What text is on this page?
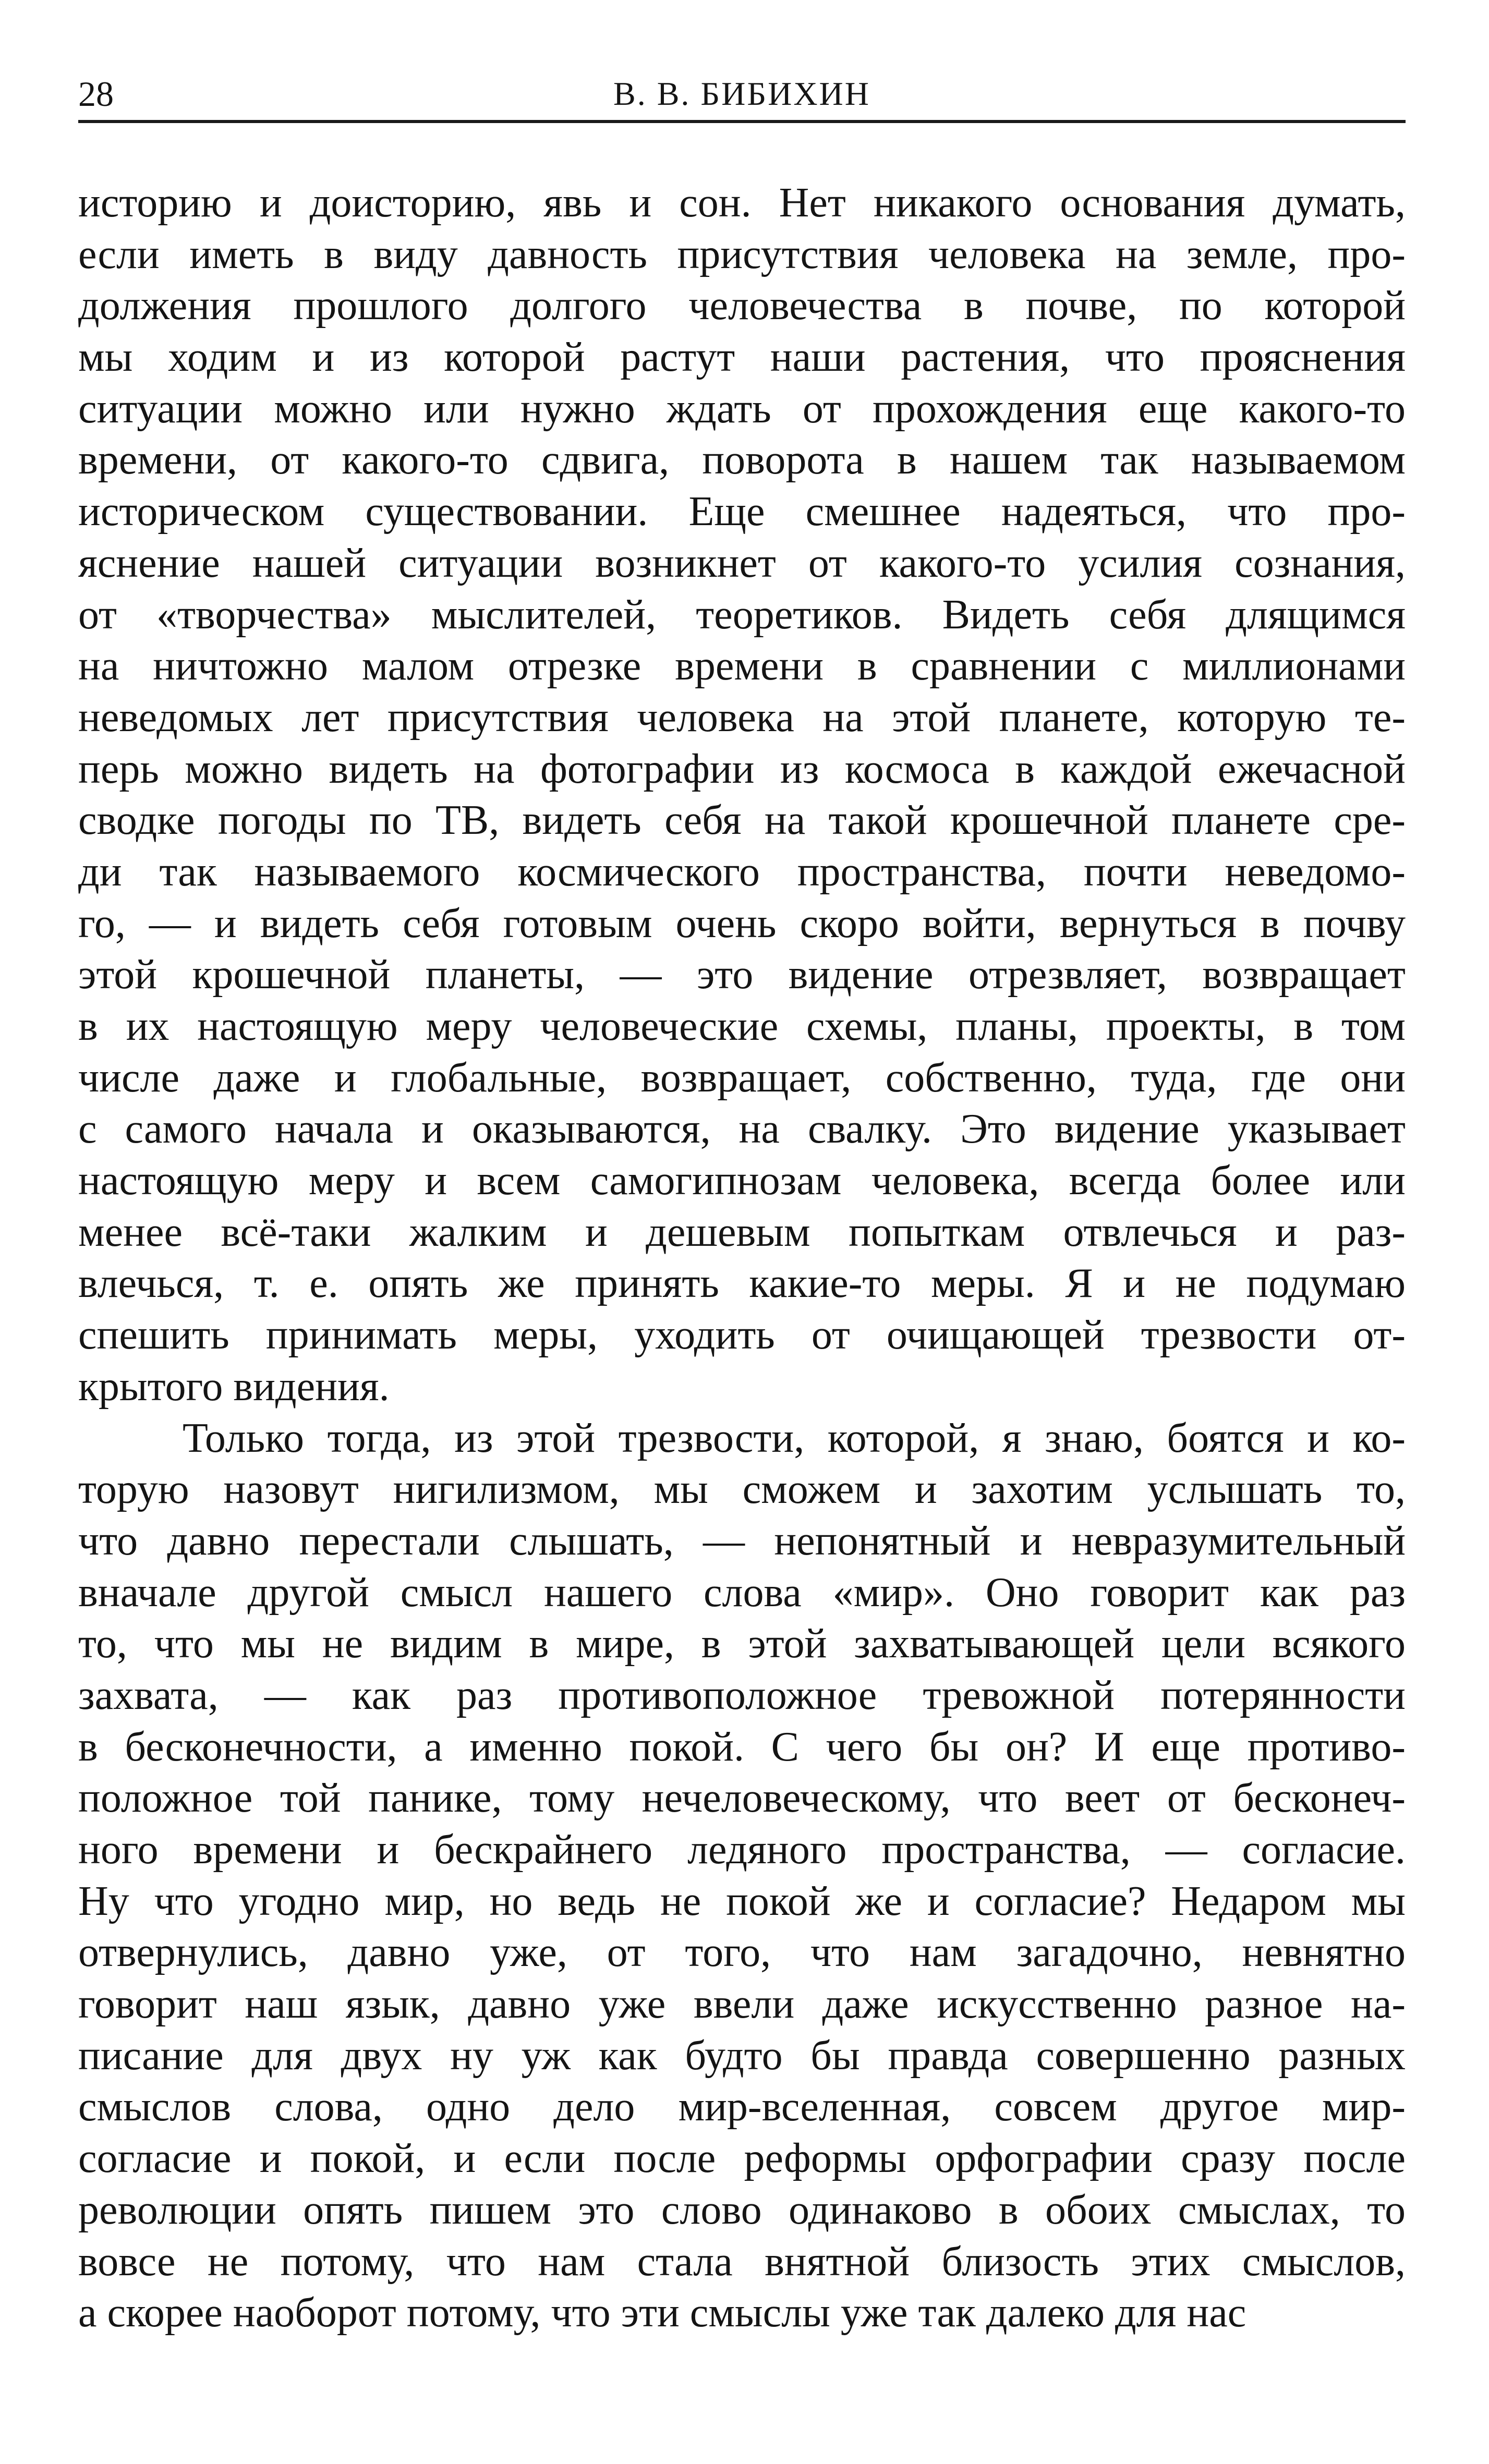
28	В. В. БИБИХИН
историю и доисторию, явь и сон. Нет никакого основания думать,
если иметь в виду давность присутствия человека на земле, про-
должения прошлого долгого человечества в почве, по которой
мы ходим и из которой растут наши растения, что прояснения
ситуации можно или нужно ждать от прохождения еще какого-то
времени, от какого-то сдвига, поворота в нашем так называемом
историческом существовании. Еще смешнее надеяться, что про-
яснение нашей ситуации возникнет от какого-то усилия сознания,
от «творчества» мыслителей, теоретиков. Видеть себя длящимся
на ничтожно малом отрезке времени в сравнении с миллионами
неведомых лет присутствия человека на этой планете, которую те-
перь можно видеть на фотографии из космоса в каждой ежечасной
сводке погоды по ТВ, видеть себя на такой крошечной планете сре-
ди так называемого космического пространства, почти неведомо-
го, — и видеть себя готовым очень скоро войти, вернуться в почву
этой крошечной планеты, — это видение отрезвляет, возвращает
в их настоящую меру человеческие схемы, планы, проекты, в том
числе даже и глобальные, возвращает, собственно, туда, где они
с самого начала и оказываются, на свалку. Это видение указывает
настоящую меру и всем самогипнозам человека, всегда более или
менее всё-таки жалким и дешевым попыткам отвлечься и раз-
влечься, т. е. опять же принять какие-то меры. Я и не подумаю
спешить принимать меры, уходить от очищающей трезвости от-
крытого видения.
Только тогда, из этой трезвости, которой, я знаю, боятся и ко-
торую назовут нигилизмом, мы сможем и захотим услышать то,
что давно перестали слышать, — непонятный и невразумительный
вначале другой смысл нашего слова «мир». Оно говорит как раз
то, что мы не видим в мире, в этой захватывающей цели всякого
захвата, — как раз противоположное тревожной потерянности
в бесконечности, а именно покой. С чего бы он? И еще противо-
положное той панике, тому нечеловеческому, что веет от бесконеч-
ного времени и бескрайнего ледяного пространства, — согласие.
Ну что угодно мир, но ведь не покой же и согласие? Недаром мы
отвернулись, давно уже, от того, что нам загадочно, невнятно
говорит наш язык, давно уже ввели даже искусственно разное на-
писание для двух ну уж как будто бы правда совершенно разных
смыслов слова, одно дело мир-вселенная, совсем другое мир-
согласие и покой, и если после реформы орфографии сразу после
революции опять пишем это слово одинаково в обоих смыслах, то
вовсе не потому, что нам стала внятной близость этих смыслов,
а скорее наоборот потому, что эти смыслы уже так далеко для нас
